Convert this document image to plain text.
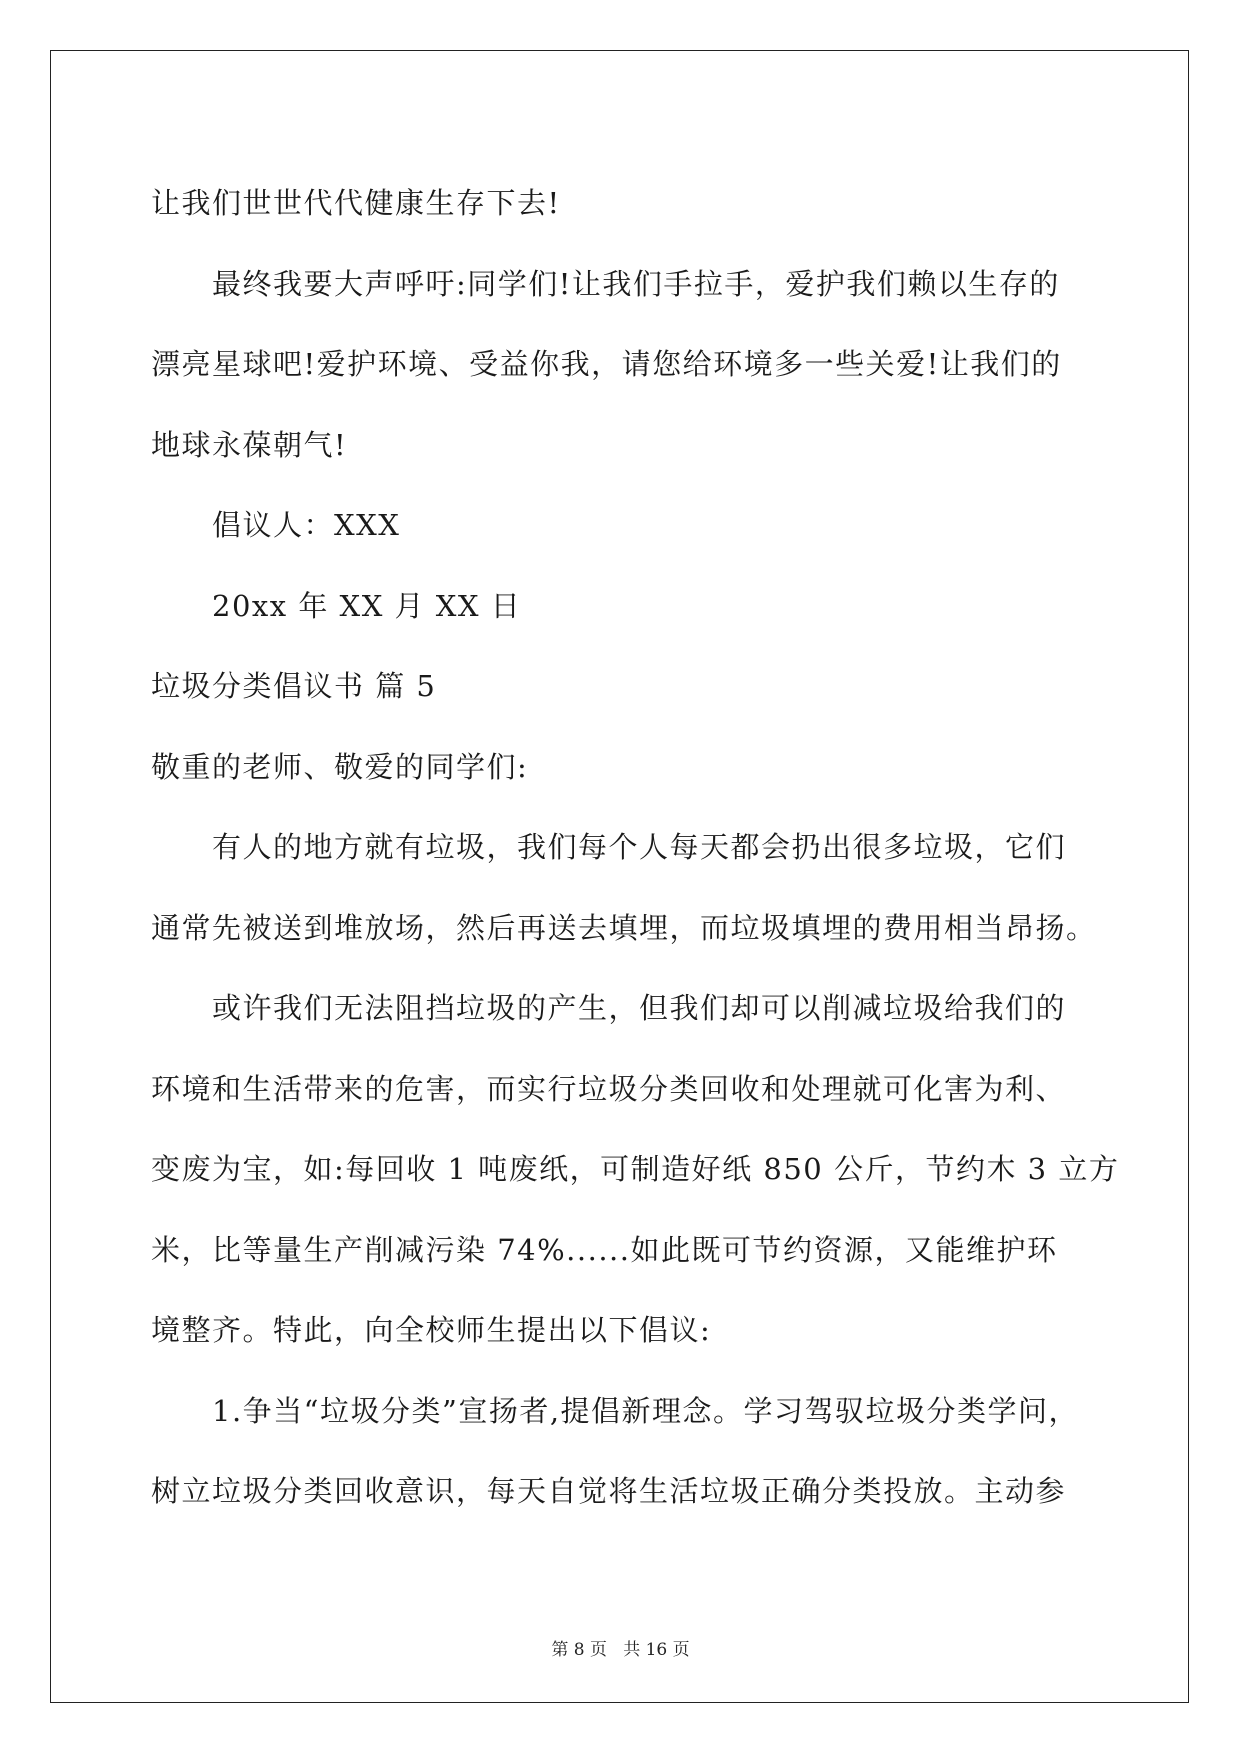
让我们世世代代健康生存下去!
最终我要大声呼吁:同学们!让我们手拉手，爱护我们赖以生存的
漂亮星球吧!爱护环境、受益你我，请您给环境多一些关爱!让我们的
地球永葆朝气!
倡议人：XXX
20xx 年 XX 月 XX 日
垃圾分类倡议书 篇 5
敬重的老师、敬爱的同学们:
有人的地方就有垃圾，我们每个人每天都会扔出很多垃圾，它们
通常先被送到堆放场，然后再送去填埋，而垃圾填埋的费用相当昂扬。
或许我们无法阻挡垃圾的产生，但我们却可以削减垃圾给我们的
环境和生活带来的危害，而实行垃圾分类回收和处理就可化害为利、
变废为宝，如:每回收 1 吨废纸，可制造好纸 850 公斤，节约木 3 立方
米，比等量生产削减污染 74%......如此既可节约资源，又能维护环
境整齐。特此，向全校师生提出以下倡议:
1.争当“垃圾分类”宣扬者,提倡新理念。学习驾驭垃圾分类学问，
树立垃圾分类回收意识，每天自觉将生活垃圾正确分类投放。主动参
第 8 页 共 16 页
